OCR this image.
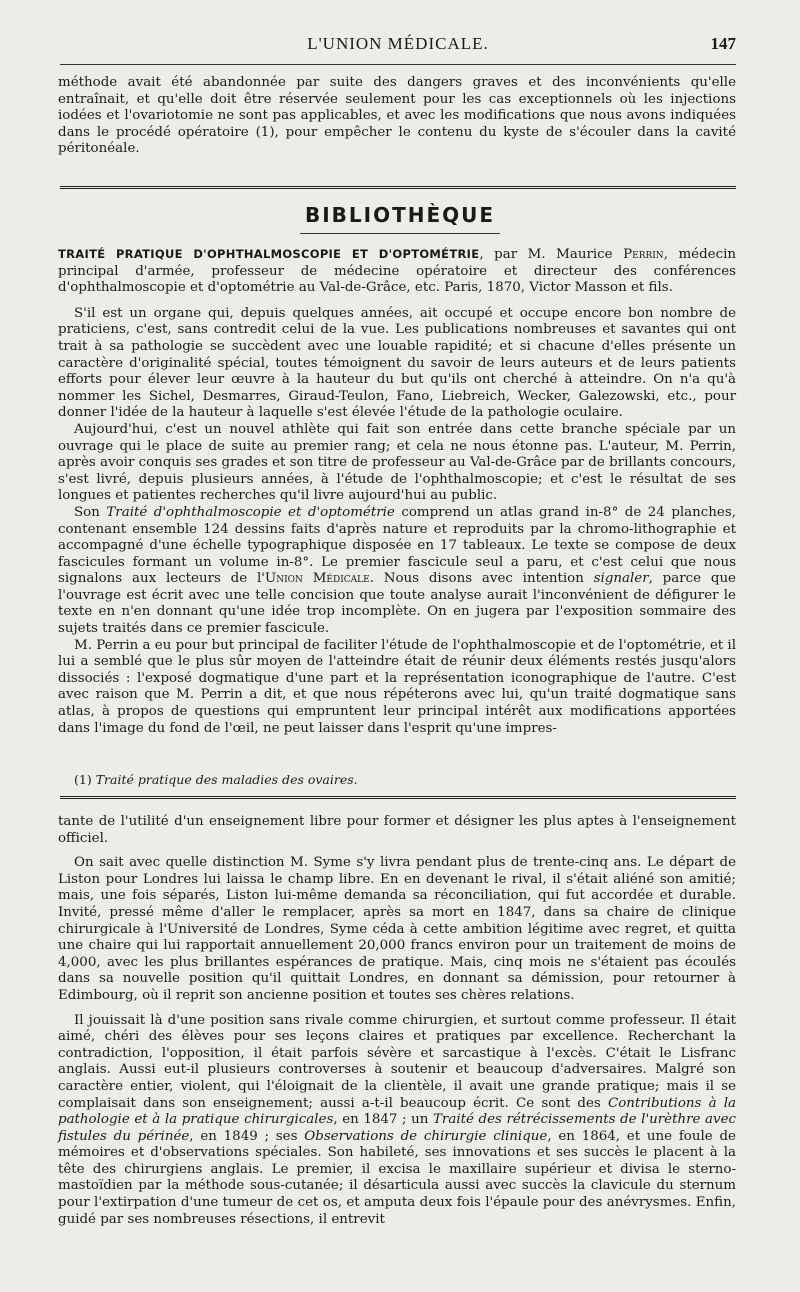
L'UNION MÉDICALE.	147

méthode avait été abandonnée par suite des dangers graves et des inconvénients qu'elle entraînait, et qu'elle doit être réservée seulement pour les cas exceptionnels où les injections iodées et l'ovariotomie ne sont pas applicables, et avec les modifications que nous avons indiquées dans le procédé opératoire (1), pour empêcher le contenu du kyste de s'écouler dans la cavité péritonéale.

BIBLIOTHÈQUE

TRAITÉ PRATIQUE D'OPHTHALMOSCOPIE ET D'OPTOMÉTRIE, par M. Maurice Perrin, médecin principal d'armée, professeur de médecine opératoire et directeur des conférences d'ophthalmoscopie et d'optométrie au Val-de-Grâce, etc. Paris, 1870, Victor Masson et fils.

S'il est un organe qui, depuis quelques années, ait occupé et occupe encore bon nombre de praticiens, c'est, sans contredit celui de la vue. Les publications nombreuses et savantes qui ont trait à sa pathologie se succèdent avec une louable rapidité; et si chacune d'elles présente un caractère d'originalité spécial, toutes témoignent du savoir de leurs auteurs et de leurs patients efforts pour élever leur œuvre à la hauteur du but qu'ils ont cherché à atteindre. On n'a qu'à nommer les Sichel, Desmarres, Giraud-Teulon, Fano, Liebreich, Wecker, Galezowski, etc., pour donner l'idée de la hauteur à laquelle s'est élevée l'étude de la pathologie oculaire.

Aujourd'hui, c'est un nouvel athlète qui fait son entrée dans cette branche spéciale par un ouvrage qui le place de suite au premier rang; et cela ne nous étonne pas. L'auteur, M. Perrin, après avoir conquis ses grades et son titre de professeur au Val-de-Grâce par de brillants concours, s'est livré, depuis plusieurs années, à l'étude de l'ophthalmoscopie; et c'est le résultat de ses longues et patientes recherches qu'il livre aujourd'hui au public.

Son Traité d'ophthalmoscopie et d'optométrie comprend un atlas grand in-8° de 24 planches, contenant ensemble 124 dessins faits d'après nature et reproduits par la chromo-lithographie et accompagné d'une échelle typographique disposée en 17 tableaux. Le texte se compose de deux fascicules formant un volume in-8°. Le premier fascicule seul a paru, et c'est celui que nous signalons aux lecteurs de l'Union Médicale. Nous disons avec intention signaler, parce que l'ouvrage est écrit avec une telle concision que toute analyse aurait l'inconvénient de défigurer le texte en n'en donnant qu'une idée trop incomplète. On en jugera par l'exposition sommaire des sujets traités dans ce premier fascicule.

M. Perrin a eu pour but principal de faciliter l'étude de l'ophthalmoscopie et de l'optométrie, et il lui a semblé que le plus sûr moyen de l'atteindre était de réunir deux éléments restés jusqu'alors dissociés : l'exposé dogmatique d'une part et la représentation iconographique de l'autre. C'est avec raison que M. Perrin a dit, et que nous répéterons avec lui, qu'un traité dogmatique sans atlas, à propos de questions qui empruntent leur principal intérêt aux modifications apportées dans l'image du fond de l'œil, ne peut laisser dans l'esprit qu'une impres-

(1) Traité pratique des maladies des ovaires.

tante de l'utilité d'un enseignement libre pour former et désigner les plus aptes à l'enseignement officiel.

On sait avec quelle distinction M. Syme s'y livra pendant plus de trente-cinq ans. Le départ de Liston pour Londres lui laissa le champ libre. En en devenant le rival, il s'était aliéné son amitié; mais, une fois séparés, Liston lui-même demanda sa réconciliation, qui fut accordée et durable. Invité, pressé même d'aller le remplacer, après sa mort en 1847, dans sa chaire de clinique chirurgicale à l'Université de Londres, Syme céda à cette ambition légitime avec regret, et quitta une chaire qui lui rapportait annuellement 20,000 francs environ pour un traitement de moins de 4,000, avec les plus brillantes espérances de pratique. Mais, cinq mois ne s'étaient pas écoulés dans sa nouvelle position qu'il quittait Londres, en donnant sa démission, pour retourner à Edimbourg, où il reprit son ancienne position et toutes ses chères relations.

Il jouissait là d'une position sans rivale comme chirurgien, et surtout comme professeur. Il était aimé, chéri des élèves pour ses leçons claires et pratiques par excellence. Recherchant la contradiction, l'opposition, il était parfois sévère et sarcastique à l'excès. C'était le Lisfranc anglais. Aussi eut-il plusieurs controverses à soutenir et beaucoup d'adversaires. Malgré son caractère entier, violent, qui l'éloignait de la clientèle, il avait une grande pratique; mais il se complaisait dans son enseignement; aussi a-t-il beaucoup écrit. Ce sont des Contributions à la pathologie et à la pratique chirurgicales, en 1847 ; un Traité des rétrécissements de l'urèthre avec fistules du périnée, en 1849 ; ses Observations de chirurgie clinique, en 1864, et une foule de mémoires et d'observations spéciales. Son habileté, ses innovations et ses succès le placent à la tête des chirurgiens anglais. Le premier, il excisa le maxillaire supérieur et divisa le sterno-mastoïdien par la méthode sous-cutanée; il désarticula aussi avec succès la clavicule du sternum pour l'extirpation d'une tumeur de cet os, et amputa deux fois l'épaule pour des anévrysmes. Enfin, guidé par ses nombreuses résections, il entrevit
